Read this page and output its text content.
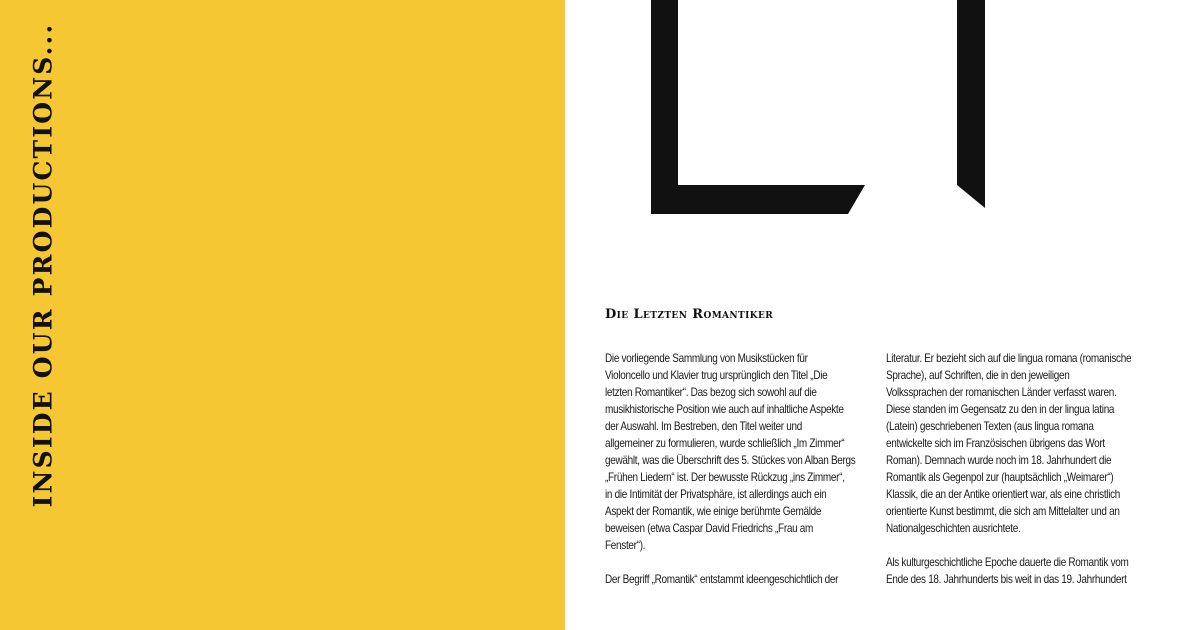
INSIDE OUR PRODUCTIONS...	Die Letzten Romantiker

Die vorliegende Sammlung von Musikstücken für
Violoncello und Klavier trug ursprünglich den Titel „Die
letzten Romantiker“. Das bezog sich sowohl auf die
musikhistorische Position wie auch auf inhaltliche Aspekte
der Auswahl. Im Bestreben, den Titel weiter und
allgemeiner zu formulieren, wurde schließlich „Im Zimmer“
gewählt, was die Überschrift des 5. Stückes von Alban Bergs
„Frühen Liedern“ ist. Der bewusste Rückzug „ins Zimmer“,
in die Intimität der Privatsphäre, ist allerdings auch ein
Aspekt der Romantik, wie einige berühmte Gemälde
beweisen (etwa Caspar David Friedrichs „Frau am
Fenster“).

Der Begriff „Romantik“ entstammt ideengeschichtlich der

Literatur. Er bezieht sich auf die lingua romana (romanische
Sprache), auf Schriften, die in den jeweiligen
Volkssprachen der romanischen Länder verfasst waren.
Diese standen im Gegensatz zu den in der lingua latina
(Latein) geschriebenen Texten (aus lingua romana
entwickelte sich im Französischen übrigens das Wort
Roman). Demnach wurde noch im 18. Jahrhundert die
Romantik als Gegenpol zur (hauptsächlich „Weimarer“)
Klassik, die an der Antike orientiert war, als eine christlich
orientierte Kunst bestimmt, die sich am Mittelalter und an
Nationalgeschichten ausrichtete.

Als kulturgeschichtliche Epoche dauerte die Romantik vom
Ende des 18. Jahrhunderts bis weit in das 19. Jahrhundert
